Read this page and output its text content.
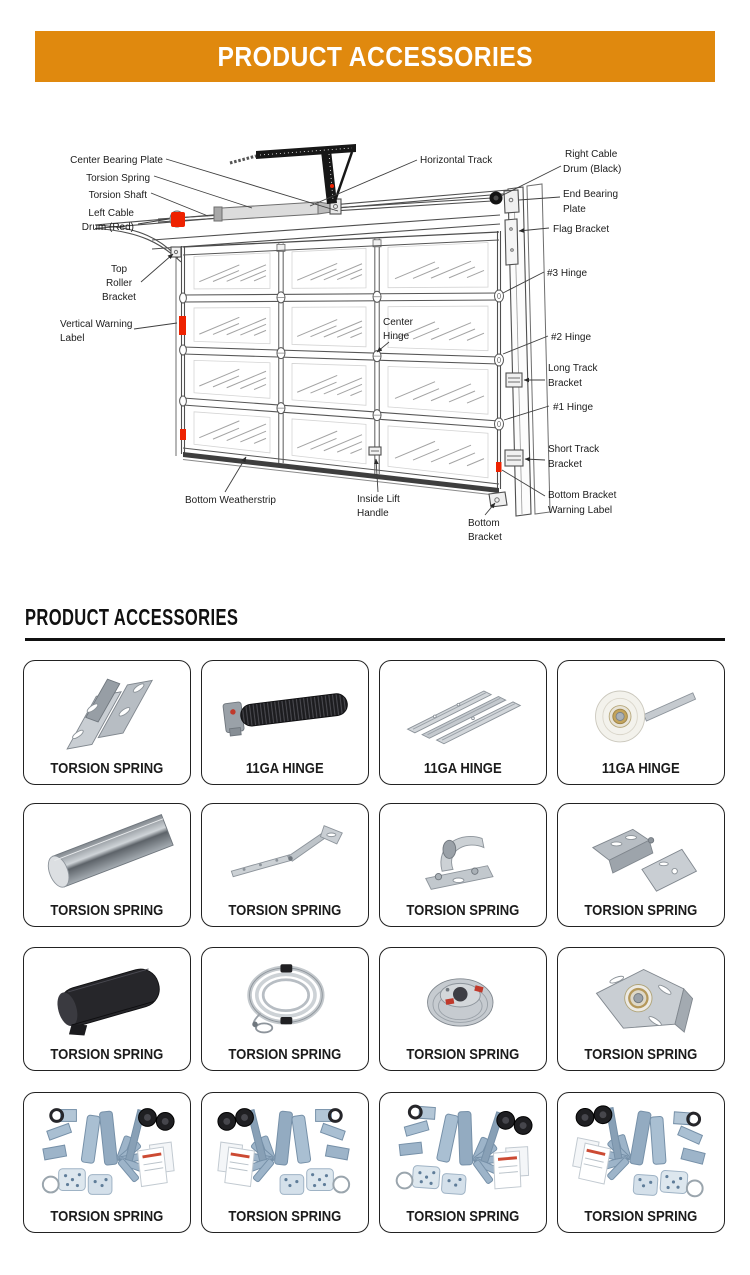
PRODUCT ACCESSORIES
Center Bearing Plate
Torsion Spring
Torsion Shaft
Left Cable
Drum (Red)
Top
Roller
Bracket
Vertical Warning
Label
Bottom Weatherstrip
Center
Hinge
Inside Lift
Handle
Bottom
Bracket
Horizontal Track
Right Cable
Drum (Black)
End Bearing
Plate
Flag Bracket
#3 Hinge
#2 Hinge
Long Track
Bracket
#1 Hinge
Short Track
Bracket
Bottom Bracket
Warning Label
PRODUCT ACCESSORIES
TORSION SPRING	11GA HINGE	11GA HINGE	11GA HINGE
TORSION SPRING	TORSION SPRING	TORSION SPRING	TORSION SPRING
TORSION SPRING	TORSION SPRING	TORSION SPRING	TORSION SPRING
TORSION SPRING	TORSION SPRING	TORSION SPRING	TORSION SPRING
